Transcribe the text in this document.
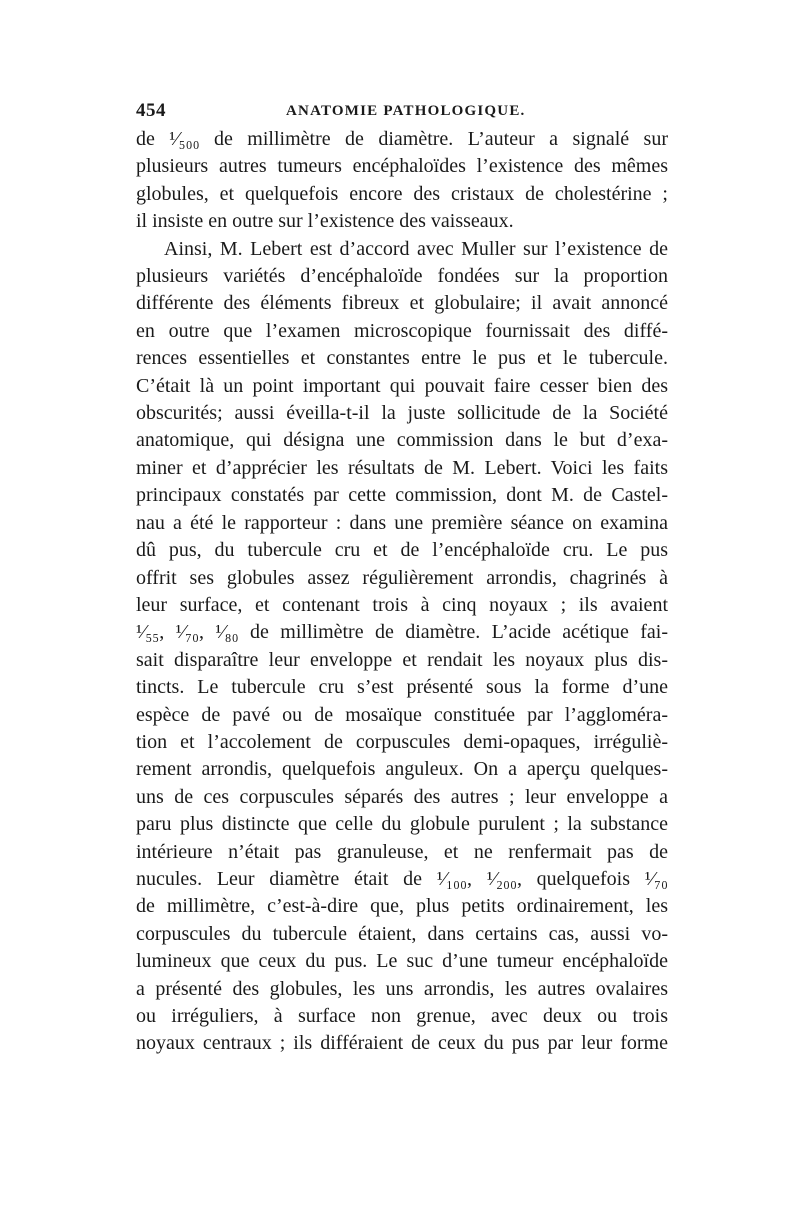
454	ANATOMIE PATHOLOGIQUE.
de ¹⁄₅₀₀ de millimètre de diamètre. L’auteur a signalé sur
plusieurs autres tumeurs encéphaloïdes l’existence des mêmes
globules, et quelquefois encore des cristaux de cholestérine ;
il insiste en outre sur l’existence des vaisseaux.
Ainsi, M. Lebert est d’accord avec Muller sur l’existence de
plusieurs variétés d’encéphaloïde fondées sur la proportion
différente des éléments fibreux et globulaire; il avait annoncé
en outre que l’examen microscopique fournissait des diffé-
rences essentielles et constantes entre le pus et le tubercule.
C’était là un point important qui pouvait faire cesser bien des
obscurités; aussi éveilla-t-il la juste sollicitude de la Société
anatomique, qui désigna une commission dans le but d’exa-
miner et d’apprécier les résultats de M. Lebert. Voici les faits
principaux constatés par cette commission, dont M. de Castel-
nau a été le rapporteur : dans une première séance on examina
dû pus, du tubercule cru et de l’encéphaloïde cru. Le pus
offrit ses globules assez régulièrement arrondis, chagrinés à
leur surface, et contenant trois à cinq noyaux ; ils avaient
¹⁄₅₅, ¹⁄₇₀, ¹⁄₈₀ de millimètre de diamètre. L’acide acétique fai-
sait disparaître leur enveloppe et rendait les noyaux plus dis-
tincts. Le tubercule cru s’est présenté sous la forme d’une
espèce de pavé ou de mosaïque constituée par l’aggloméra-
tion et l’accolement de corpuscules demi-opaques, irréguliè-
rement arrondis, quelquefois anguleux. On a aperçu quelques-
uns de ces corpuscules séparés des autres ; leur enveloppe a
paru plus distincte que celle du globule purulent ; la substance
intérieure n’était pas granuleuse, et ne renfermait pas de
nucules. Leur diamètre était de ¹⁄₁₀₀, ¹⁄₂₀₀, quelquefois ¹⁄₇₀
de millimètre, c’est-à-dire que, plus petits ordinairement, les
corpuscules du tubercule étaient, dans certains cas, aussi vo-
lumineux que ceux du pus. Le suc d’une tumeur encéphaloïde
a présenté des globules, les uns arrondis, les autres ovalaires
ou irréguliers, à surface non grenue, avec deux ou trois
noyaux centraux ; ils différaient de ceux du pus par leur forme
